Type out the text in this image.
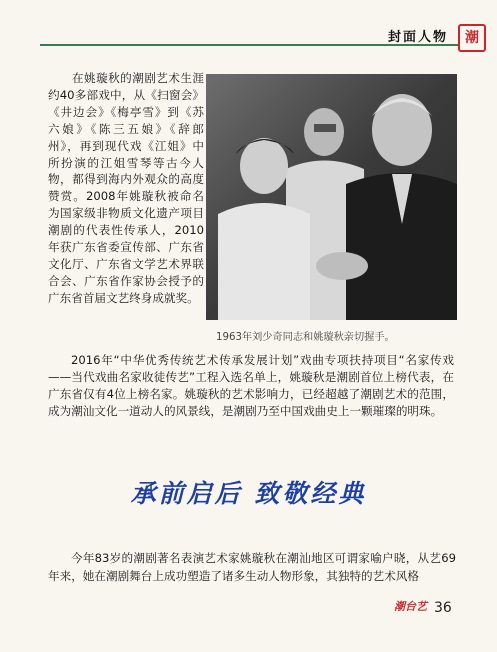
封面人物	潮

在姚璇秋的潮剧艺术生涯约40多部戏中，从《扫窗会》《井边会》《梅亭雪》到《苏六娘》《陈三五娘》《辞郎州》，再到现代戏《江姐》中所扮演的江姐雪琴等古今人物，都得到海内外观众的高度赞赏。2008年姚璇秋被命名为国家级非物质文化遗产项目潮剧的代表性传承人，2010年获广东省委宣传部、广东省文化厅、广东省文学艺术界联合会、广东省作家协会授予的广东省首届文艺终身成就奖。

1963年刘少奇同志和姚璇秋亲切握手。

2016年“中华优秀传统艺术传承发展计划”戏曲专项扶持项目“名家传戏——当代戏曲名家收徒传艺”工程入选名单上，姚璇秋是潮剧首位上榜代表，在广东省仅有4位上榜名家。姚璇秋的艺术影响力，已经超越了潮剧艺术的范围，成为潮汕文化一道动人的风景线，是潮剧乃至中国戏曲史上一颗璀璨的明珠。

承前启后 致敬经典

今年83岁的潮剧著名表演艺术家姚璇秋在潮汕地区可谓家喻户晓，从艺69年来，她在潮剧舞台上成功塑造了诸多生动人物形象，其独特的艺术风格

潮台艺 36
